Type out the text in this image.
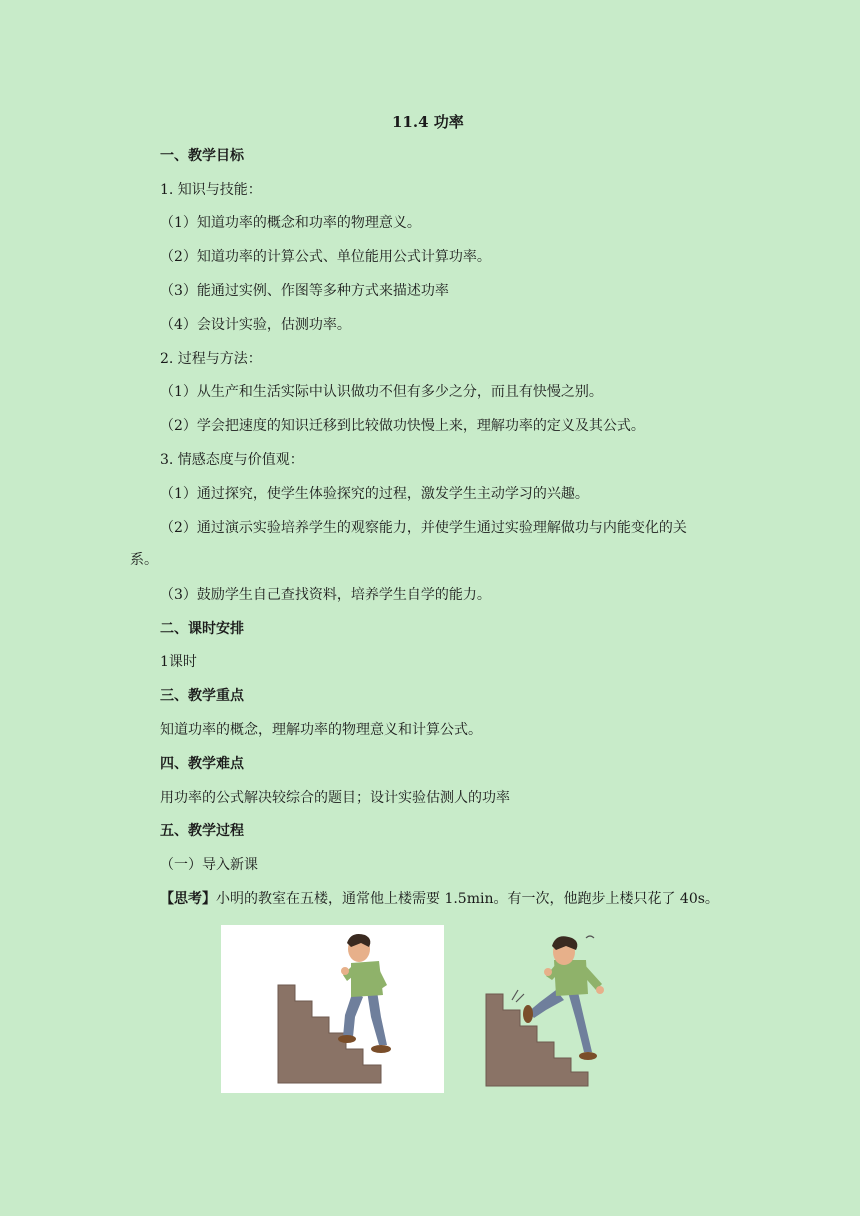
11.4 功率
一、教学目标
1. 知识与技能：
（1）知道功率的概念和功率的物理意义。
（2）知道功率的计算公式、单位能用公式计算功率。
（3）能通过实例、作图等多种方式来描述功率
（4）会设计实验，估测功率。
2. 过程与方法：
（1）从生产和生活实际中认识做功不但有多少之分，而且有快慢之别。
（2）学会把速度的知识迁移到比较做功快慢上来，理解功率的定义及其公式。
3. 情感态度与价值观：
（1）通过探究，使学生体验探究的过程，激发学生主动学习的兴趣。
（2）通过演示实验培养学生的观察能力，并使学生通过实验理解做功与内能变化的关
系。
（3）鼓励学生自己查找资料，培养学生自学的能力。
二、课时安排
1课时
三、教学重点
知道功率的概念，理解功率的物理意义和计算公式。
四、教学难点
用功率的公式解决较综合的题目；设计实验估测人的功率
五、教学过程
（一）导入新课
【思考】小明的教室在五楼，通常他上楼需要 1.5min。有一次，他跑步上楼只花了 40s。
